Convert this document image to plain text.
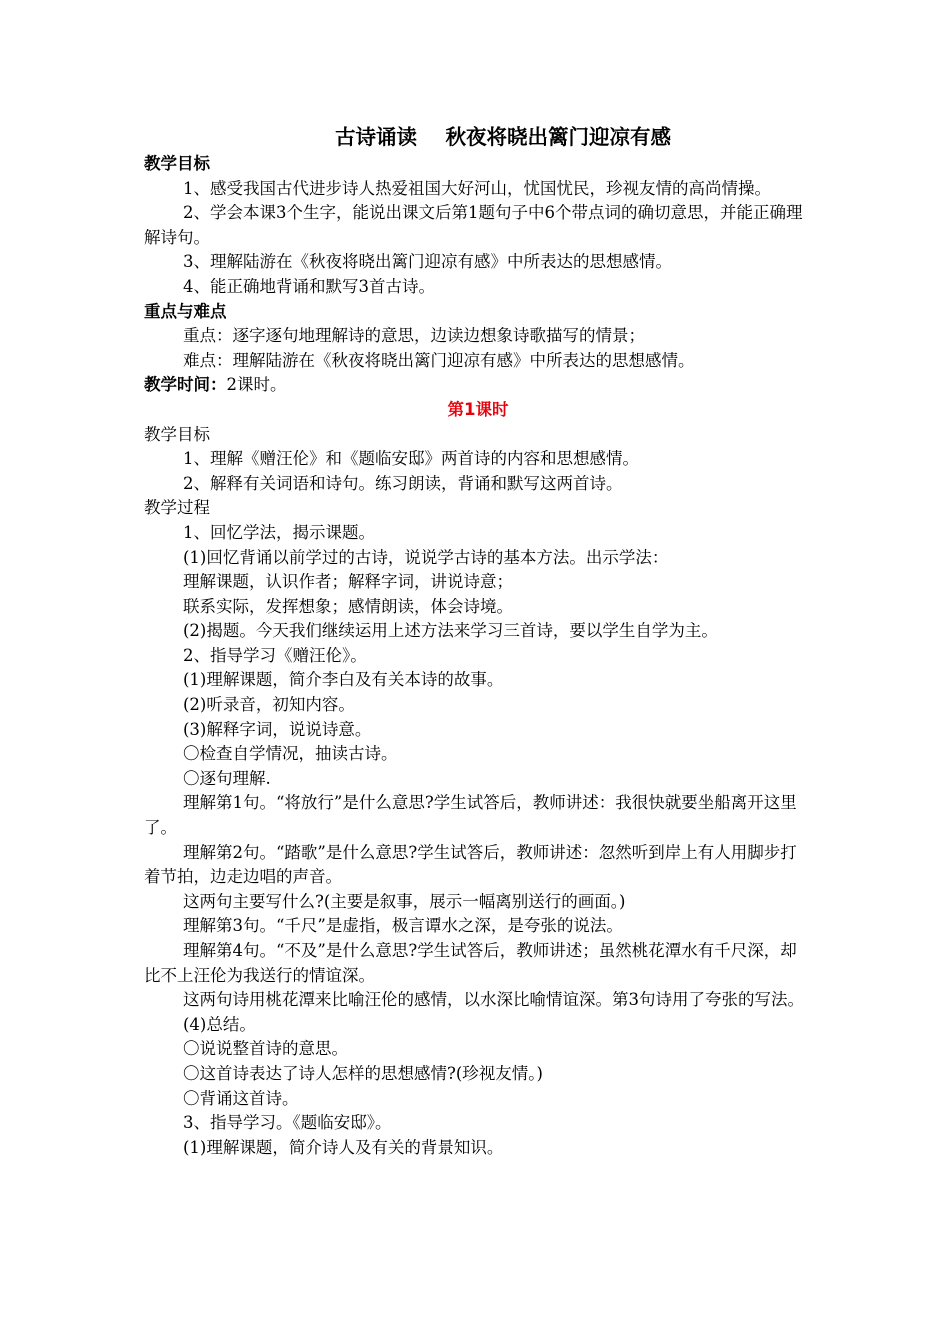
古诗诵读    秋夜将晓出篱门迎凉有感
教学目标
1、感受我国古代进步诗人热爱祖国大好河山，忧国忧民，珍视友情的高尚情操。
2、学会本课3个生字，能说出课文后第1题句子中6个带点词的确切意思，并能正确理解诗句。
3、理解陆游在《秋夜将晓出篱门迎凉有感》中所表达的思想感情。
4、能正确地背诵和默写3首古诗。
重点与难点
重点：逐字逐句地理解诗的意思，边读边想象诗歌描写的情景；
难点：理解陆游在《秋夜将晓出篱门迎凉有感》中所表达的思想感情。
教学时间：2课时。
第1课时
教学目标
1、理解《赠汪伦》和《题临安邸》两首诗的内容和思想感情。
2、解释有关词语和诗句。练习朗读，背诵和默写这两首诗。
教学过程
1、回忆学法，揭示课题。
(1)回忆背诵以前学过的古诗，说说学古诗的基本方法。出示学法：
理解课题，认识作者；解释字词，讲说诗意；
联系实际，发挥想象；感情朗读，体会诗境。
(2)揭题。今天我们继续运用上述方法来学习三首诗，要以学生自学为主。
2、指导学习《赠汪伦》。
(1)理解课题，简介李白及有关本诗的故事。
(2)听录音，初知内容。
(3)解释字词，说说诗意。
〇检查自学情况，抽读古诗。
〇逐句理解.
理解第1句。“将放行”是什么意思?学生试答后，教师讲述：我很快就要坐船离开这里了。
理解第2句。“踏歌”是什么意思?学生试答后，教师讲述：忽然听到岸上有人用脚步打着节拍，边走边唱的声音。
这两句主要写什么?(主要是叙事，展示一幅离别送行的画面。)
理解第3句。“千尺”是虚指，极言谭水之深，是夸张的说法。
理解第4句。“不及”是什么意思?学生试答后，教师讲述；虽然桃花潭水有千尺深，却比不上汪伦为我送行的情谊深。
这两句诗用桃花潭来比喻汪伦的感情，以水深比喻情谊深。第3句诗用了夸张的写法。
(4)总结。
〇说说整首诗的意思。
〇这首诗表达了诗人怎样的思想感情?(珍视友情。)
〇背诵这首诗。
3、指导学习。《题临安邸》。
(1)理解课题，简介诗人及有关的背景知识。
